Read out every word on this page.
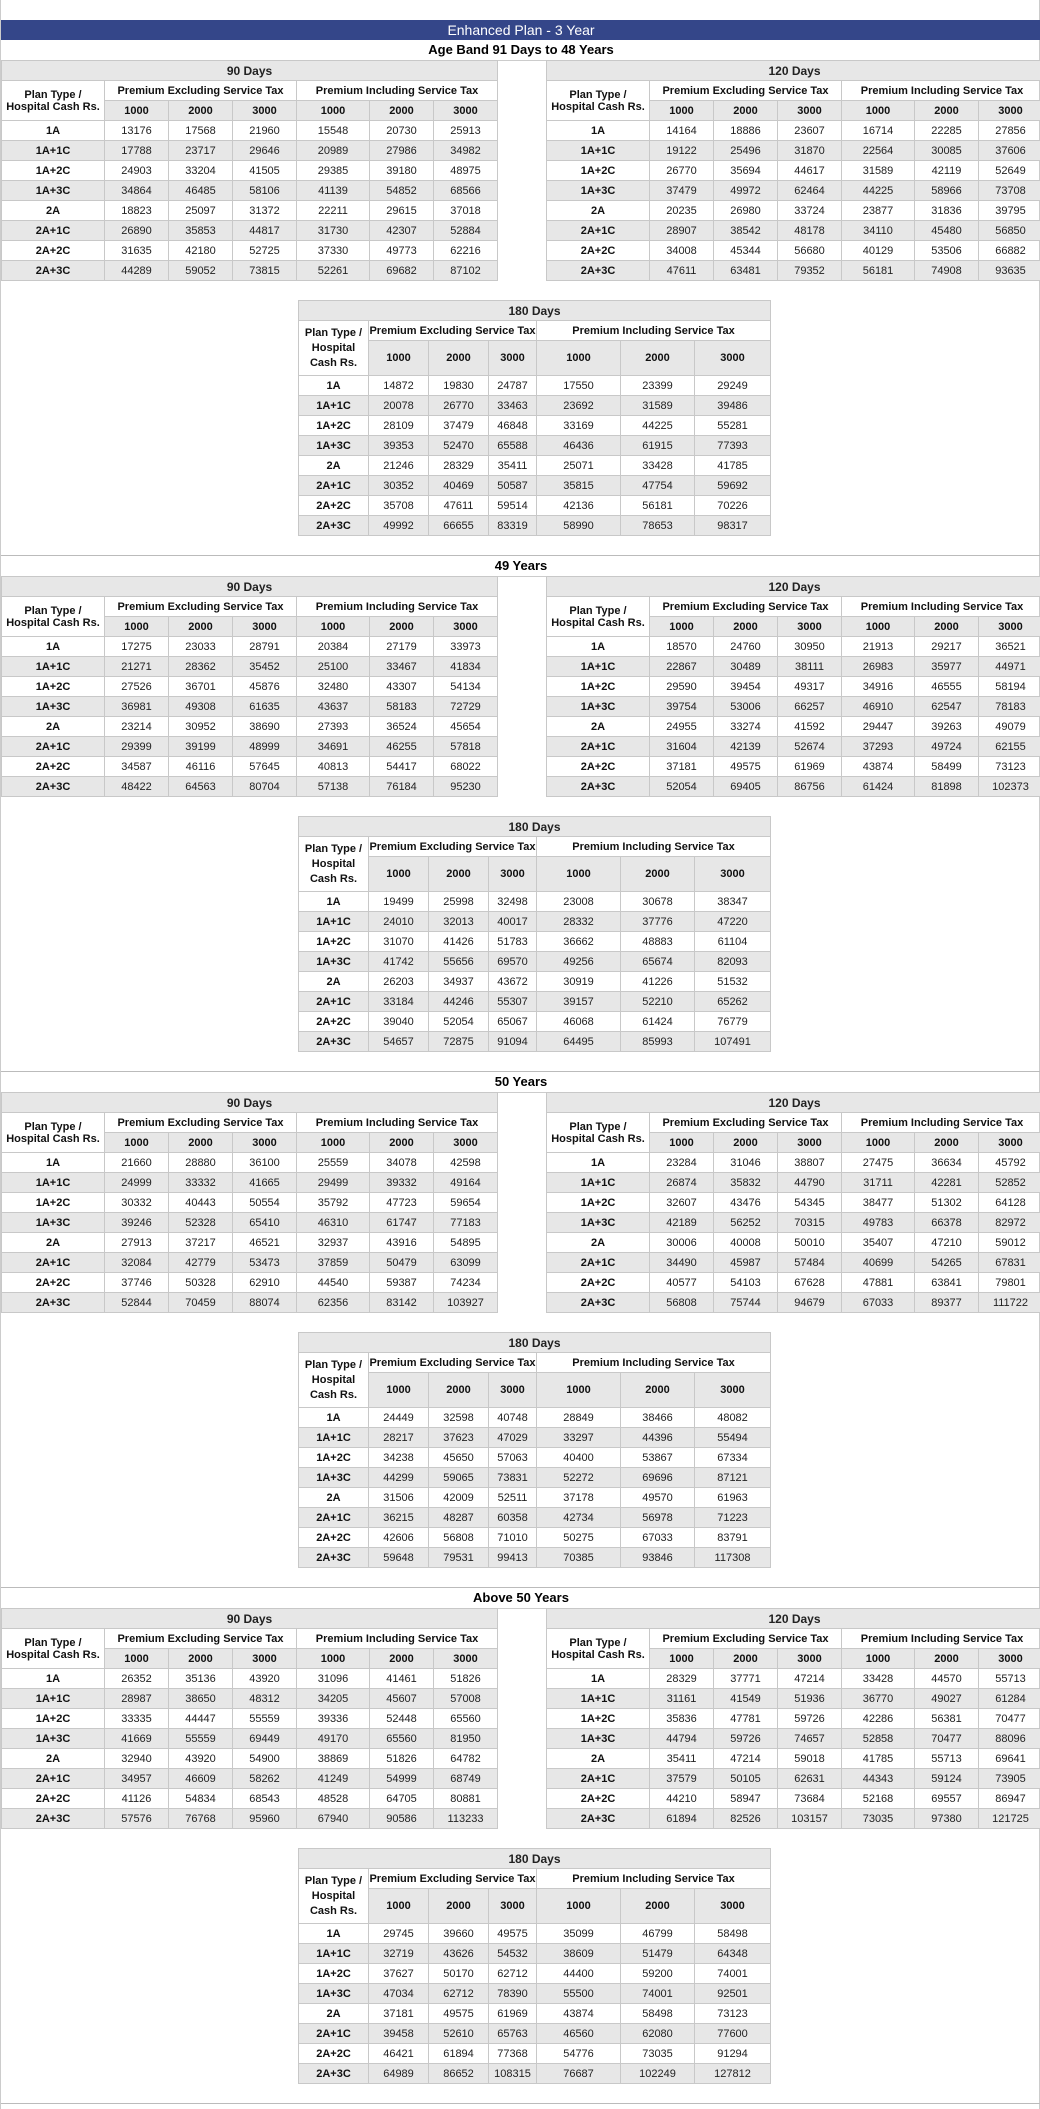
Enhanced Plan - 3 Year
Age Band 91 Days to 48 Years
90 Days						
Plan Type / Hospital Cash Rs.	Premium Excluding Service Tax			Premium Including Service Tax		
	1000	2000	3000	1000	2000	3000
1A	13176	17568	21960	15548	20730	25913
1A+1C	17788	23717	29646	20989	27986	34982
1A+2C	24903	33204	41505	29385	39180	48975
1A+3C	34864	46485	58106	41139	54852	68566
2A	18823	25097	31372	22211	29615	37018
2A+1C	26890	35853	44817	31730	42307	52884
2A+2C	31635	42180	52725	37330	49773	62216
2A+3C	44289	59052	73815	52261	69682	87102
120 Days						
Plan Type / Hospital Cash Rs.	Premium Excluding Service Tax			Premium Including Service Tax		
	1000	2000	3000	1000	2000	3000
1A	14164	18886	23607	16714	22285	27856
1A+1C	19122	25496	31870	22564	30085	37606
1A+2C	26770	35694	44617	31589	42119	52649
1A+3C	37479	49972	62464	44225	58966	73708
2A	20235	26980	33724	23877	31836	39795
2A+1C	28907	38542	48178	34110	45480	56850
2A+2C	34008	45344	56680	40129	53506	66882
2A+3C	47611	63481	79352	56181	74908	93635
180 Days						
Plan Type / Hospital Cash Rs.	Premium Excluding Service Tax			Premium Including Service Tax		
	1000	2000	3000	1000	2000	3000
1A	14872	19830	24787	17550	23399	29249
1A+1C	20078	26770	33463	23692	31589	39486
1A+2C	28109	37479	46848	33169	44225	55281
1A+3C	39353	52470	65588	46436	61915	77393
2A	21246	28329	35411	25071	33428	41785
2A+1C	30352	40469	50587	35815	47754	59692
2A+2C	35708	47611	59514	42136	56181	70226
2A+3C	49992	66655	83319	58990	78653	98317
49 Years
90 Days						
Plan Type / Hospital Cash Rs.	Premium Excluding Service Tax			Premium Including Service Tax		
	1000	2000	3000	1000	2000	3000
1A	17275	23033	28791	20384	27179	33973
1A+1C	21271	28362	35452	25100	33467	41834
1A+2C	27526	36701	45876	32480	43307	54134
1A+3C	36981	49308	61635	43637	58183	72729
2A	23214	30952	38690	27393	36524	45654
2A+1C	29399	39199	48999	34691	46255	57818
2A+2C	34587	46116	57645	40813	54417	68022
2A+3C	48422	64563	80704	57138	76184	95230
120 Days						
Plan Type / Hospital Cash Rs.	Premium Excluding Service Tax			Premium Including Service Tax		
	1000	2000	3000	1000	2000	3000
1A	18570	24760	30950	21913	29217	36521
1A+1C	22867	30489	38111	26983	35977	44971
1A+2C	29590	39454	49317	34916	46555	58194
1A+3C	39754	53006	66257	46910	62547	78183
2A	24955	33274	41592	29447	39263	49079
2A+1C	31604	42139	52674	37293	49724	62155
2A+2C	37181	49575	61969	43874	58499	73123
2A+3C	52054	69405	86756	61424	81898	102373
180 Days						
Plan Type / Hospital Cash Rs.	Premium Excluding Service Tax			Premium Including Service Tax		
	1000	2000	3000	1000	2000	3000
1A	19499	25998	32498	23008	30678	38347
1A+1C	24010	32013	40017	28332	37776	47220
1A+2C	31070	41426	51783	36662	48883	61104
1A+3C	41742	55656	69570	49256	65674	82093
2A	26203	34937	43672	30919	41226	51532
2A+1C	33184	44246	55307	39157	52210	65262
2A+2C	39040	52054	65067	46068	61424	76779
2A+3C	54657	72875	91094	64495	85993	107491
50 Years
90 Days						
Plan Type / Hospital Cash Rs.	Premium Excluding Service Tax			Premium Including Service Tax		
	1000	2000	3000	1000	2000	3000
1A	21660	28880	36100	25559	34078	42598
1A+1C	24999	33332	41665	29499	39332	49164
1A+2C	30332	40443	50554	35792	47723	59654
1A+3C	39246	52328	65410	46310	61747	77183
2A	27913	37217	46521	32937	43916	54895
2A+1C	32084	42779	53473	37859	50479	63099
2A+2C	37746	50328	62910	44540	59387	74234
2A+3C	52844	70459	88074	62356	83142	103927
120 Days						
Plan Type / Hospital Cash Rs.	Premium Excluding Service Tax			Premium Including Service Tax		
	1000	2000	3000	1000	2000	3000
1A	23284	31046	38807	27475	36634	45792
1A+1C	26874	35832	44790	31711	42281	52852
1A+2C	32607	43476	54345	38477	51302	64128
1A+3C	42189	56252	70315	49783	66378	82972
2A	30006	40008	50010	35407	47210	59012
2A+1C	34490	45987	57484	40699	54265	67831
2A+2C	40577	54103	67628	47881	63841	79801
2A+3C	56808	75744	94679	67033	89377	111722
180 Days						
Plan Type / Hospital Cash Rs.	Premium Excluding Service Tax			Premium Including Service Tax		
	1000	2000	3000	1000	2000	3000
1A	24449	32598	40748	28849	38466	48082
1A+1C	28217	37623	47029	33297	44396	55494
1A+2C	34238	45650	57063	40400	53867	67334
1A+3C	44299	59065	73831	52272	69696	87121
2A	31506	42009	52511	37178	49570	61963
2A+1C	36215	48287	60358	42734	56978	71223
2A+2C	42606	56808	71010	50275	67033	83791
2A+3C	59648	79531	99413	70385	93846	117308
Above 50 Years
90 Days						
Plan Type / Hospital Cash Rs.	Premium Excluding Service Tax			Premium Including Service Tax		
	1000	2000	3000	1000	2000	3000
1A	26352	35136	43920	31096	41461	51826
1A+1C	28987	38650	48312	34205	45607	57008
1A+2C	33335	44447	55559	39336	52448	65560
1A+3C	41669	55559	69449	49170	65560	81950
2A	32940	43920	54900	38869	51826	64782
2A+1C	34957	46609	58262	41249	54999	68749
2A+2C	41126	54834	68543	48528	64705	80881
2A+3C	57576	76768	95960	67940	90586	113233
120 Days						
Plan Type / Hospital Cash Rs.	Premium Excluding Service Tax			Premium Including Service Tax		
	1000	2000	3000	1000	2000	3000
1A	28329	37771	47214	33428	44570	55713
1A+1C	31161	41549	51936	36770	49027	61284
1A+2C	35836	47781	59726	42286	56381	70477
1A+3C	44794	59726	74657	52858	70477	88096
2A	35411	47214	59018	41785	55713	69641
2A+1C	37579	50105	62631	44343	59124	73905
2A+2C	44210	58947	73684	52168	69557	86947
2A+3C	61894	82526	103157	73035	97380	121725
180 Days						
Plan Type / Hospital Cash Rs.	Premium Excluding Service Tax			Premium Including Service Tax		
	1000	2000	3000	1000	2000	3000
1A	29745	39660	49575	35099	46799	58498
1A+1C	32719	43626	54532	38609	51479	64348
1A+2C	37627	50170	62712	44400	59200	74001
1A+3C	47034	62712	78390	55500	74001	92501
2A	37181	49575	61969	43874	58498	73123
2A+1C	39458	52610	65763	46560	62080	77600
2A+2C	46421	61894	77368	54776	73035	91294
2A+3C	64989	86652	108315	76687	102249	127812
